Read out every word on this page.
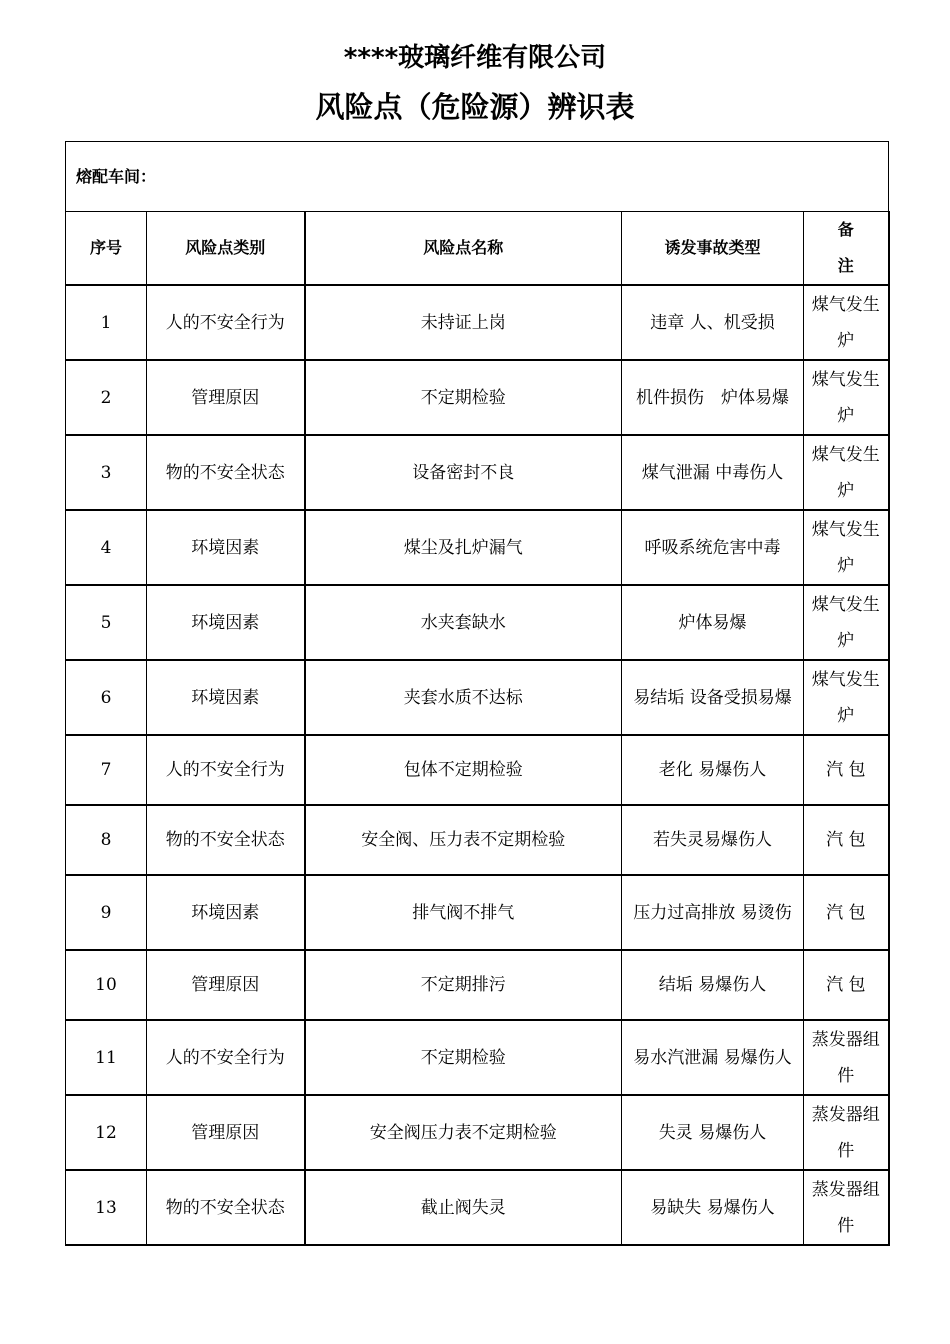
****玻璃纤维有限公司
风险点（危险源）辨识表
熔配车间：				
序号	风险点类别	风险点名称	诱发事故类型	备注
1	人的不安全行为	未持证上岗	违章 人、机受损	煤气发生炉
2	管理原因	不定期检验	机件损伤　炉体易爆	煤气发生炉
3	物的不安全状态	设备密封不良	煤气泄漏 中毒伤人	煤气发生炉
4	环境因素	煤尘及扎炉漏气	呼吸系统危害中毒	煤气发生炉
5	环境因素	水夹套缺水	炉体易爆	煤气发生炉
6	环境因素	夹套水质不达标	易结垢 设备受损易爆	煤气发生炉
7	人的不安全行为	包体不定期检验	老化 易爆伤人	汽 包
8	物的不安全状态	安全阀、压力表不定期检验	若失灵易爆伤人	汽 包
9	环境因素	排气阀不排气	压力过高排放 易烫伤	汽 包
10	管理原因	不定期排污	结垢 易爆伤人	汽 包
11	人的不安全行为	不定期检验	易水汽泄漏 易爆伤人	蒸发器组件
12	管理原因	安全阀压力表不定期检验	失灵 易爆伤人	蒸发器组件
13	物的不安全状态	截止阀失灵	易缺失 易爆伤人	蒸发器组件
